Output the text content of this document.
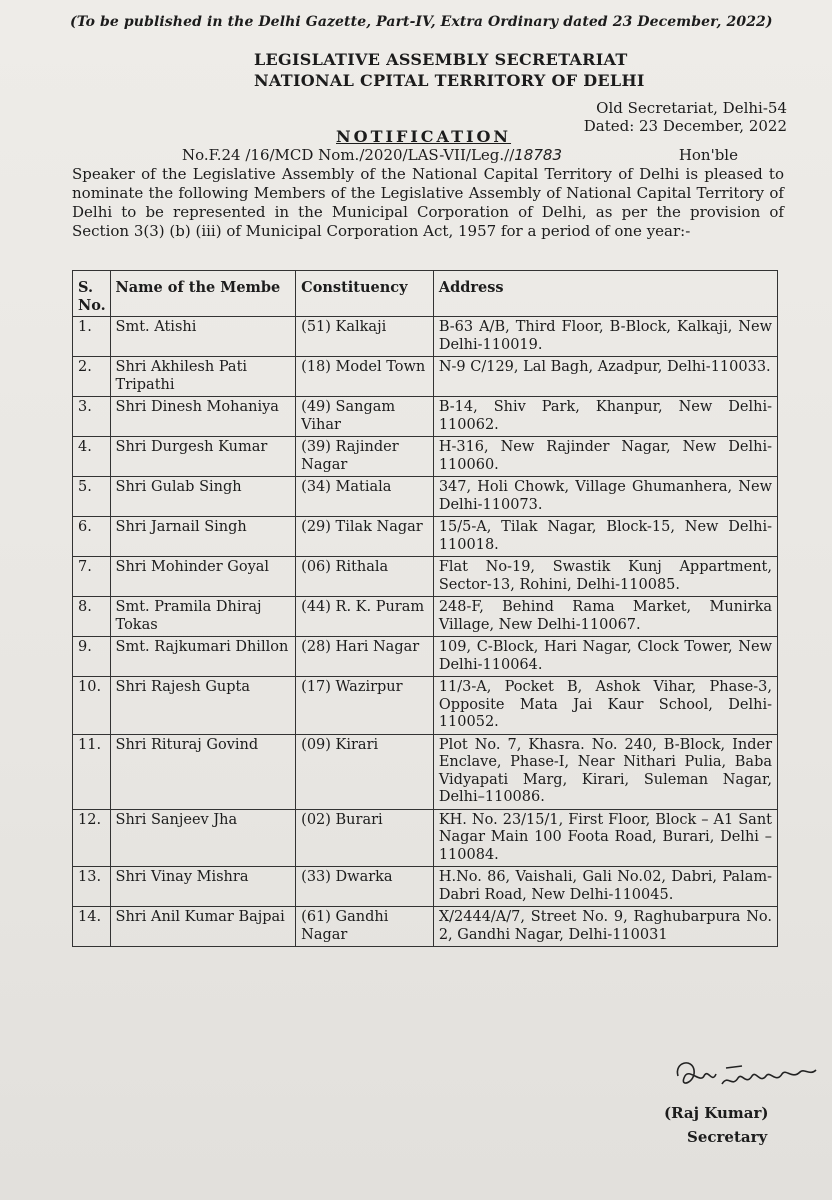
(To be published in the Delhi Gazette, Part-IV, Extra Ordinary dated 23 December, 2022)
LEGISLATIVE ASSEMBLY SECRETARIAT
NATIONAL CPITAL TERRITORY OF DELHI
Old Secretariat, Delhi-54
Dated: 23 December, 2022
NOTIFICATION
No.F.24 /16/MCD Nom./2020/LAS-VII/Leg.//18783	Hon'ble

Speaker of the Legislative Assembly of the National Capital Territory of Delhi is pleased to nominate the following Members of the Legislative Assembly of National Capital Territory of Delhi to be represented in the Municipal Corporation of Delhi, as per the provision of Section 3(3) (b) (iii) of Municipal Corporation Act, 1957 for a period of one year:-
S. No.	Name of the Membe	Constituency	Address
1.	Smt. Atishi	(51) Kalkaji	B-63 A/B, Third Floor, B-Block, Kalkaji, New Delhi-110019.
2.	Shri Akhilesh Pati Tripathi	(18) Model Town	N-9 C/129, Lal Bagh, Azadpur, Delhi-110033.
3.	Shri Dinesh Mohaniya	(49) Sangam Vihar	B-14, Shiv Park, Khanpur, New Delhi-110062.
4.	Shri Durgesh Kumar	(39) Rajinder Nagar	H-316, New Rajinder Nagar, New Delhi-110060.
5.	Shri Gulab Singh	(34) Matiala	347, Holi Chowk, Village Ghumanhera, New Delhi-110073.
6.	Shri Jarnail Singh	(29) Tilak Nagar	15/5-A, Tilak Nagar, Block-15, New Delhi-110018.
7.	Shri Mohinder Goyal	(06) Rithala	Flat No-19, Swastik Kunj Appartment, Sector-13, Rohini, Delhi-110085.
8.	Smt. Pramila Dhiraj Tokas	(44) R. K. Puram	248-F, Behind Rama Market, Munirka Village, New Delhi-110067.
9.	Smt. Rajkumari Dhillon	(28) Hari Nagar	109, C-Block, Hari Nagar, Clock Tower, New Delhi-110064.
10.	Shri Rajesh Gupta	(17) Wazirpur	11/3-A, Pocket B, Ashok Vihar, Phase-3, Opposite Mata Jai Kaur School, Delhi-110052.
11.	Shri Rituraj Govind	(09) Kirari	Plot No. 7, Khasra. No. 240, B-Block, Inder Enclave, Phase-I, Near Nithari Pulia, Baba Vidyapati Marg, Kirari, Suleman Nagar, Delhi–110086.
12.	Shri Sanjeev Jha	(02) Burari	KH. No. 23/15/1, First Floor, Block – A1 Sant Nagar Main 100 Foota Road, Burari, Delhi –110084.
13.	Shri Vinay Mishra	(33) Dwarka	H.No. 86, Vaishali, Gali No.02, Dabri, Palam- Dabri Road, New Delhi-110045.
14.	Shri Anil Kumar Bajpai	(61) Gandhi Nagar	X/2444/A/7, Street No. 9, Raghubarpura No. 2, Gandhi Nagar, Delhi-110031
(Raj Kumar)
Secretary
